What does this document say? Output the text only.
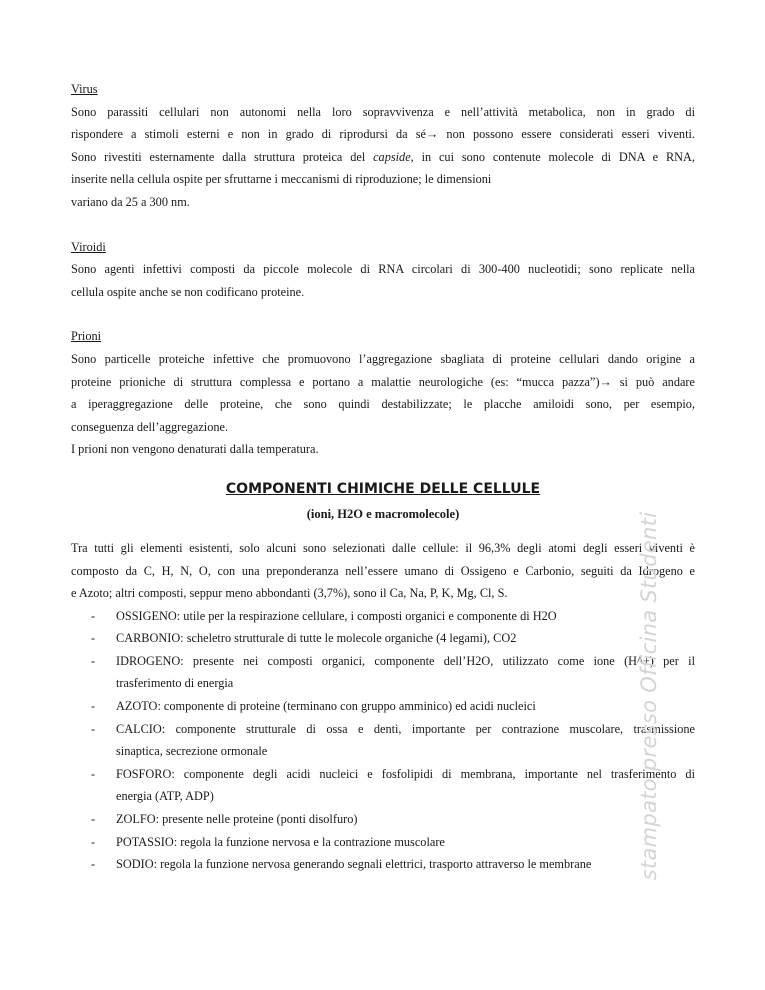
Virus
Sono parassiti cellulari non autonomi nella loro sopravvivenza e nell’attività metabolica, non in grado di
rispondere a stimoli esterni e non in grado di riprodursi da sé→ non possono essere considerati esseri viventi.
Sono rivestiti esternamente dalla struttura proteica del capside, in cui sono contenute molecole di DNA e RNA,
inserite nella cellula ospite per sfruttarne i meccanismi di riproduzione; le dimensioni
variano da 25 a 300 nm.
Viroidi
Sono agenti infettivi composti da piccole molecole di RNA circolari di 300-400 nucleotidi; sono replicate nella
cellula ospite anche se non codificano proteine.
Prioni
Sono particelle proteiche infettive che promuovono l’aggregazione sbagliata di proteine cellulari dando origine a
proteine prioniche di struttura complessa e portano a malattie neurologiche (es: “mucca pazza”)→ si può andare
a iperaggregazione delle proteine, che sono quindi destabilizzate; le placche amiloidi sono, per esempio,
conseguenza dell’aggregazione.
I prioni non vengono denaturati dalla temperatura.
COMPONENTI CHIMICHE DELLE CELLULE
(ioni, H2O e macromolecole)
Tra tutti gli elementi esistenti, solo alcuni sono selezionati dalle cellule: il 96,3% degli atomi degli esseri viventi è
composto da C, H, N, O, con una preponderanza nell’essere umano di Ossigeno e Carbonio, seguiti da Idrogeno e
e Azoto; altri composti, seppur meno abbondanti (3,7%), sono il Ca, Na, P, K, Mg, Cl, S.
- OSSIGENO: utile per la respirazione cellulare, i composti organici e componente di H2O
- CARBONIO: scheletro strutturale di tutte le molecole organiche (4 legami), CO2
- IDROGENO: presente nei composti organici, componente dell’H2O, utilizzato come ione (H^+) per il
trasferimento di energia
- AZOTO: componente di proteine (terminano con gruppo amminico) ed acidi nucleici
- CALCIO: componente strutturale di ossa e denti, importante per contrazione muscolare, trasmissione
sinaptica, secrezione ormonale
- FOSFORO: componente degli acidi nucleici e fosfolipidi di membrana, importante nel trasferimento di
energia (ATP, ADP)
- ZOLFO: presente nelle proteine (ponti disolfuro)
- POTASSIO: regola la funzione nervosa e la contrazione muscolare
- SODIO: regola la funzione nervosa generando segnali elettrici, trasporto attraverso le membrane	stampato presso Officina Studenti
